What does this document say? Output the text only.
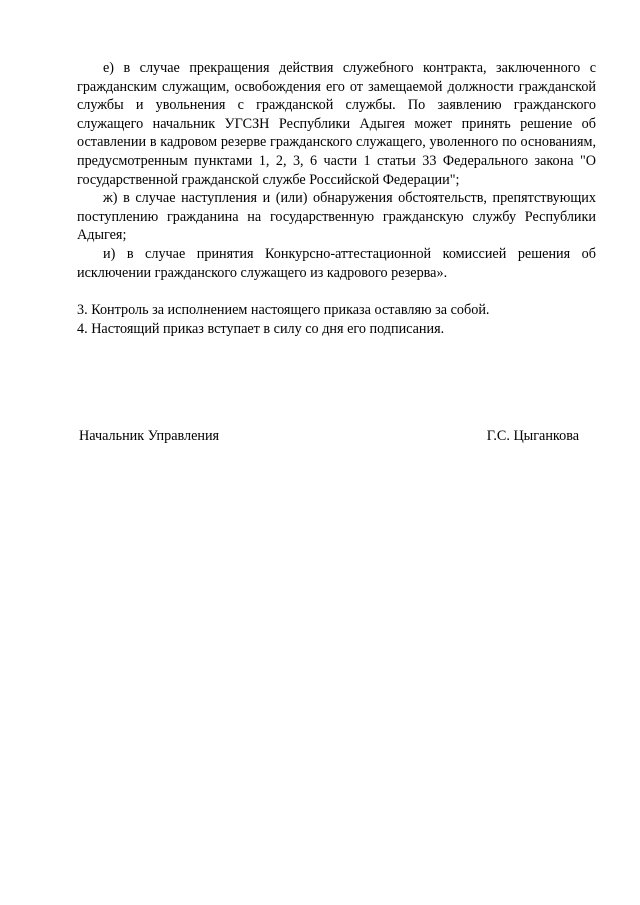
е) в случае прекращения действия служебного контракта, заключенного с гражданским служащим, освобождения его от замещаемой должности гражданской службы и увольнения с гражданской службы. По заявлению гражданского служащего начальник УГСЗН Республики Адыгея может принять решение об оставлении в кадровом резерве гражданского служащего, уволенного по основаниям, предусмотренным пунктами 1, 2, 3, 6 части 1 статьи 33 Федерального закона "О государственной гражданской службе Российской Федерации";

ж) в случае наступления и (или) обнаружения обстоятельств, препятствующих поступлению гражданина на государственную гражданскую службу Республики Адыгея;

и) в случае принятия Конкурсно-аттестационной комиссией решения об исключении гражданского служащего из кадрового резерва».

3. Контроль за исполнением настоящего приказа оставляю за собой.

4. Настоящий приказ вступает в силу со дня его подписания.

Начальник Управления	Г.С. Цыганкова
